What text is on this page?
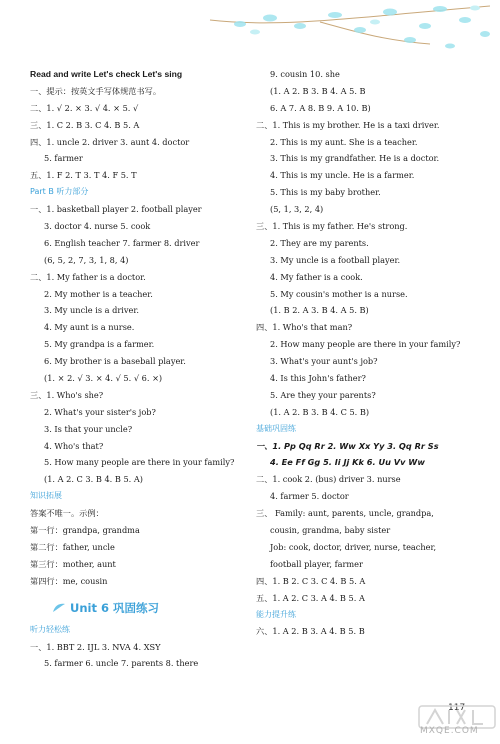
Read and write Let's check Let's sing
一、提示：按英文手写体规范书写。
二、1. √ 2. × 3. √ 4. × 5. √
三、1. C 2. B 3. C 4. B 5. A
四、1. uncle 2. driver 3. aunt 4. doctor
5. farmer
五、1. F 2. T 3. T 4. F 5. T
Part B 听力部分
一、1. basketball player 2. football player
3. doctor 4. nurse 5. cook
6. English teacher 7. farmer 8. driver
(6, 5, 2, 7, 3, 1, 8, 4)
二、1. My father is a doctor.
2. My mother is a teacher.
3. My uncle is a driver.
4. My aunt is a nurse.
5. My grandpa is a farmer.
6. My brother is a baseball player.
(1. × 2. √ 3. × 4. √ 5. √ 6. ×)
三、1. Who's she?
2. What's your sister's job?
3. Is that your uncle?
4. Who's that?
5. How many people are there in your family?
(1. A 2. C 3. B 4. B 5. A)
知识拓展
答案不唯一。示例：
第一行：grandpa, grandma
第二行：father, uncle
第三行：mother, aunt
第四行：me, cousin
Unit 6 巩固练习
听力轻松练
一、1. BBT 2. IJL 3. NVA 4. XSY
5. farmer 6. uncle 7. parents 8. there
9. cousin 10. she
(1. A 2. B 3. B 4. A 5. B
6. A 7. A 8. B 9. A 10. B)
二、1. This is my brother. He is a taxi driver.
2. This is my aunt. She is a teacher.
3. This is my grandfather. He is a doctor.
4. This is my uncle. He is a farmer.
5. This is my baby brother.
(5, 1, 3, 2, 4)
三、1. This is my father. He's strong.
2. They are my parents.
3. My uncle is a football player.
4. My father is a cook.
5. My cousin's mother is a nurse.
(1. B 2. A 3. B 4. A 5. B)
四、1. Who's that man?
2. How many people are there in your family?
3. What's your aunt's job?
4. Is this John's father?
5. Are they your parents?
(1. A 2. B 3. B 4. C 5. B)
基础巩固练
一、1. Pp Qq Rr 2. Ww Xx Yy 3. Qq Rr Ss
4. Ee Ff Gg 5. Ii Jj Kk 6. Uu Vv Ww
二、1. cook 2. (bus) driver 3. nurse
4. farmer 5. doctor
三、 Family: aunt, parents, uncle, grandpa,
cousin, grandma, baby sister
Job: cook, doctor, driver, nurse, teacher,
football player, farmer
四、1. B 2. C 3. C 4. B 5. A
五、1. A 2. C 3. A 4. B 5. A
能力提升练
六、1. A 2. B 3. A 4. B 5. B
117
MXQE.COM
